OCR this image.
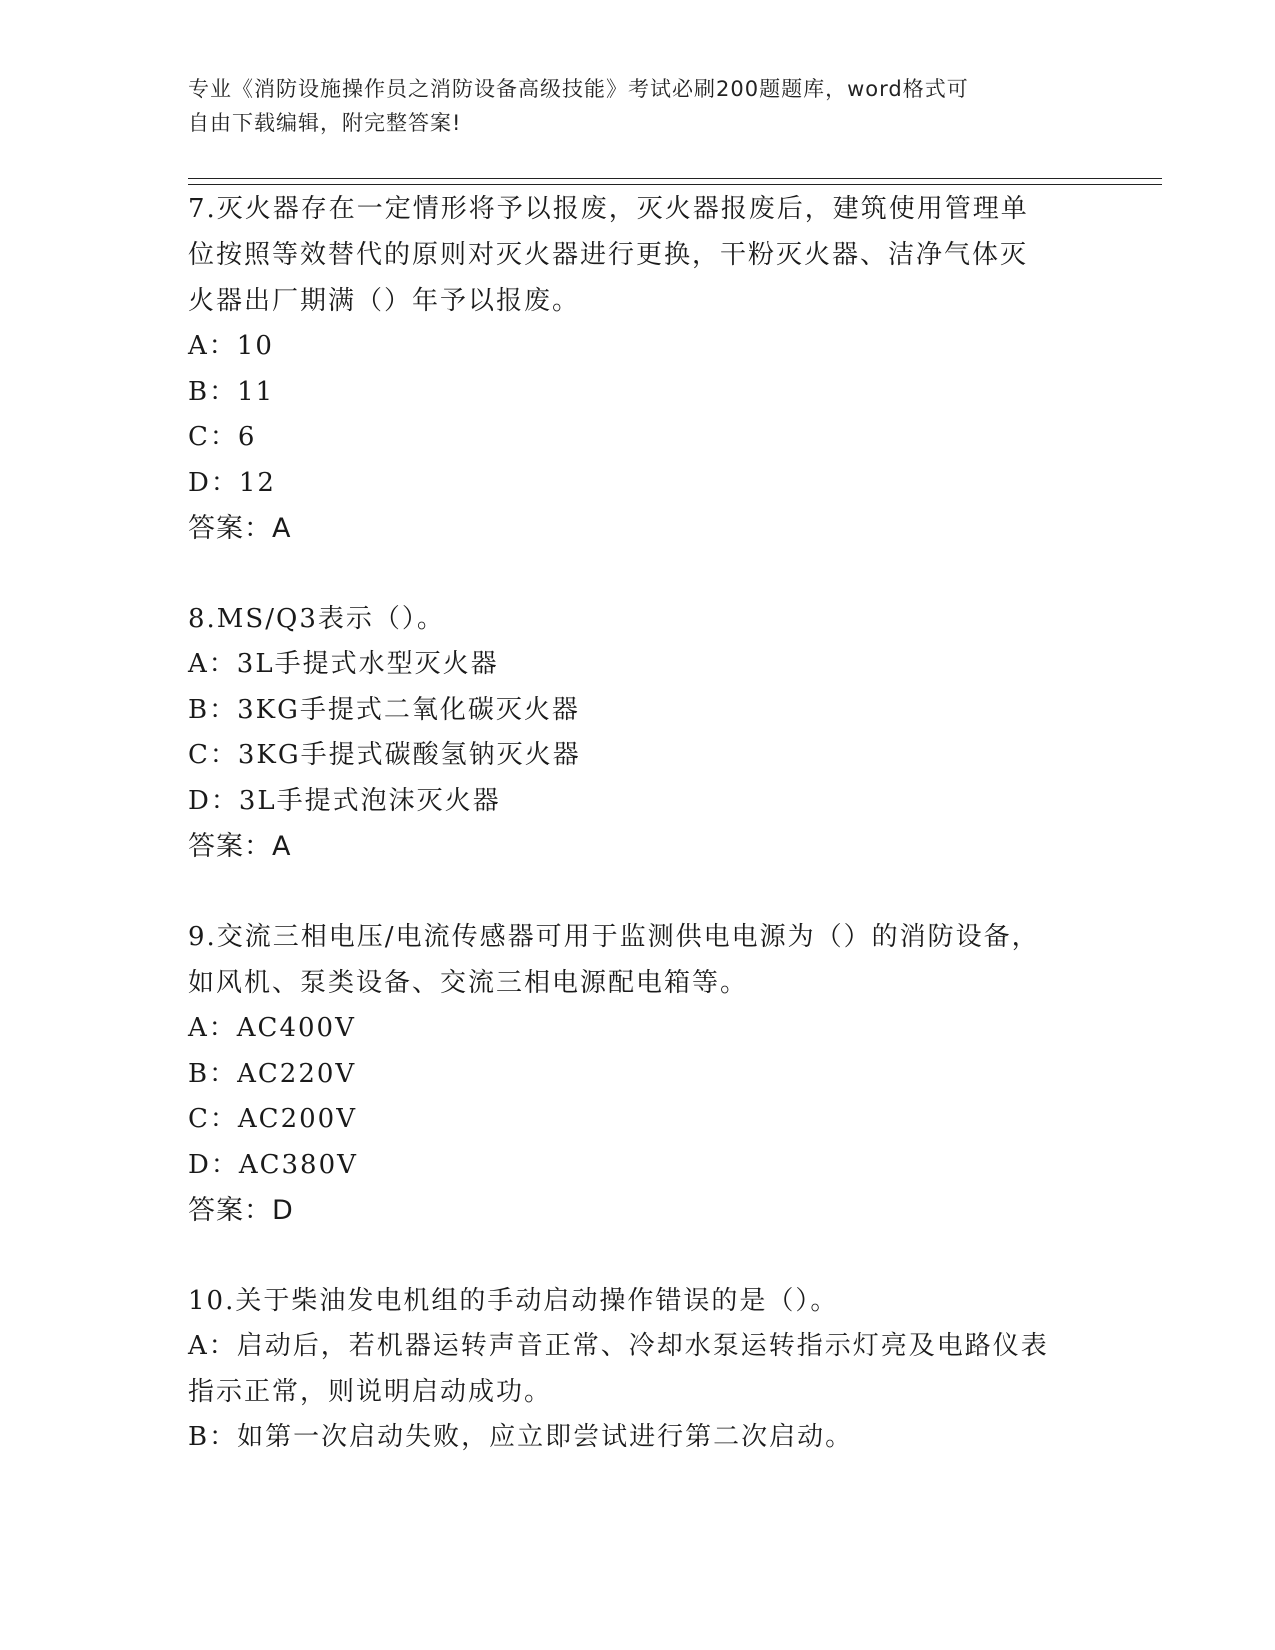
专业《消防设施操作员之消防设备高级技能》考试必刷200题题库，word格式可
自由下载编辑，附完整答案!

7.灭火器存在一定情形将予以报废，灭火器报废后，建筑使用管理单

位按照等效替代的原则对灭火器进行更换，干粉灭火器、洁净气体灭

火器出厂期满（）年予以报废。

A：10

B：11

C：6

D：12

答案：A

8.MS/Q3表示（）。

A：3L手提式水型灭火器

B：3KG手提式二氧化碳灭火器

C：3KG手提式碳酸氢钠灭火器

D：3L手提式泡沫灭火器

答案：A

9.交流三相电压/电流传感器可用于监测供电电源为（）的消防设备，

如风机、泵类设备、交流三相电源配电箱等。

A：AC400V

B：AC220V

C：AC200V

D：AC380V

答案：D

10.关于柴油发电机组的手动启动操作错误的是（）。

A：启动后，若机器运转声音正常、冷却水泵运转指示灯亮及电路仪表

指示正常，则说明启动成功。

B：如第一次启动失败，应立即尝试进行第二次启动。
